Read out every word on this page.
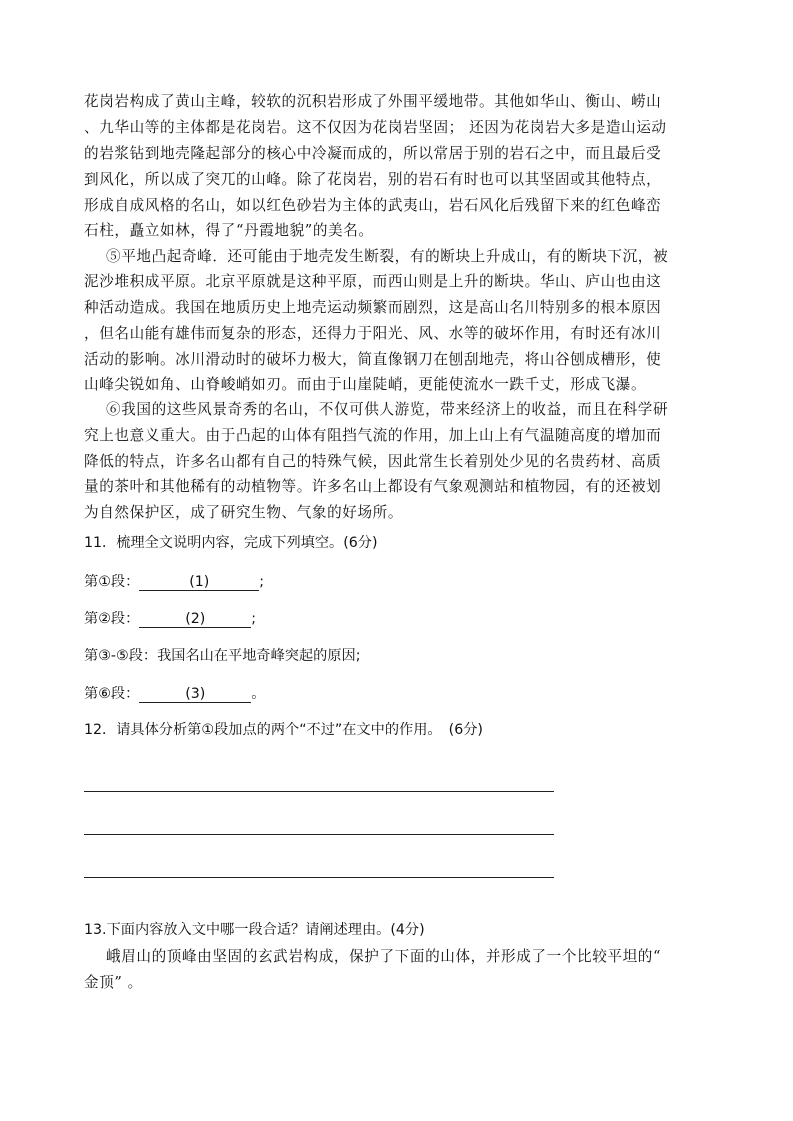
花岗岩构成了黄山主峰，较软的沉积岩形成了外围平缓地带。其他如华山、衡山、崂山
、九华山等的主体都是花岗岩。这不仅因为花岗岩坚固； 还因为花岗岩大多是造山运动
的岩浆钻到地壳隆起部分的核心中冷凝而成的，所以常居于别的岩石之中，而且最后受
到风化，所以成了突兀的山峰。除了花岗岩，别的岩石有时也可以其坚固或其他特点，
形成自成风格的名山，如以红色砂岩为主体的武夷山，岩石风化后残留下来的红色峰峦
石柱，矗立如林，得了“丹霞地貌”的美名。
⑤平地凸起奇峰．还可能由于地壳发生断裂，有的断块上升成山，有的断块下沉，被
泥沙堆积成平原。北京平原就是这种平原，而西山则是上升的断块。华山、庐山也由这
种活动造成。我国在地质历史上地壳运动频繁而剧烈，这是高山名川特别多的根本原因
，但名山能有雄伟而复杂的形态，还得力于阳光、风、水等的破坏作用，有时还有冰川
活动的影响。冰川滑动时的破坏力极大，简直像钢刀在刨刮地壳，将山谷刨成槽形，使
山峰尖锐如角、山脊峻峭如刃。而由于山崖陡峭，更能使流水一跌千丈，形成飞瀑。
⑥我国的这些风景奇秀的名山，不仅可供人游览，带来经济上的收益，而且在科学研
究上也意义重大。由于凸起的山体有阻挡气流的作用，加上山上有气温随高度的增加而
降低的特点，许多名山都有自己的特殊气候，因此常生长着别处少见的名贵药材、高质
量的茶叶和其他稀有的动植物等。许多名山上都设有气象观测站和植物园，有的还被划
为自然保护区，成了研究生物、气象的好场所。
11．梳理全文说明内容，完成下列填空。(6分)
第①段：	(1)	;
第②段：	(2)	;
第③-⑤段：我国名山在平地奇峰突起的原因;
第⑥段：	(3)	。
12．请具体分析第①段加点的两个“不过”在文中的作用。　(6分)
13.下面内容放入文中哪一段合适？请阐述理由。(4分)
峨眉山的顶峰由坚固的玄武岩构成，保护了下面的山体，并形成了一个比较平坦的“
金顶” 。
